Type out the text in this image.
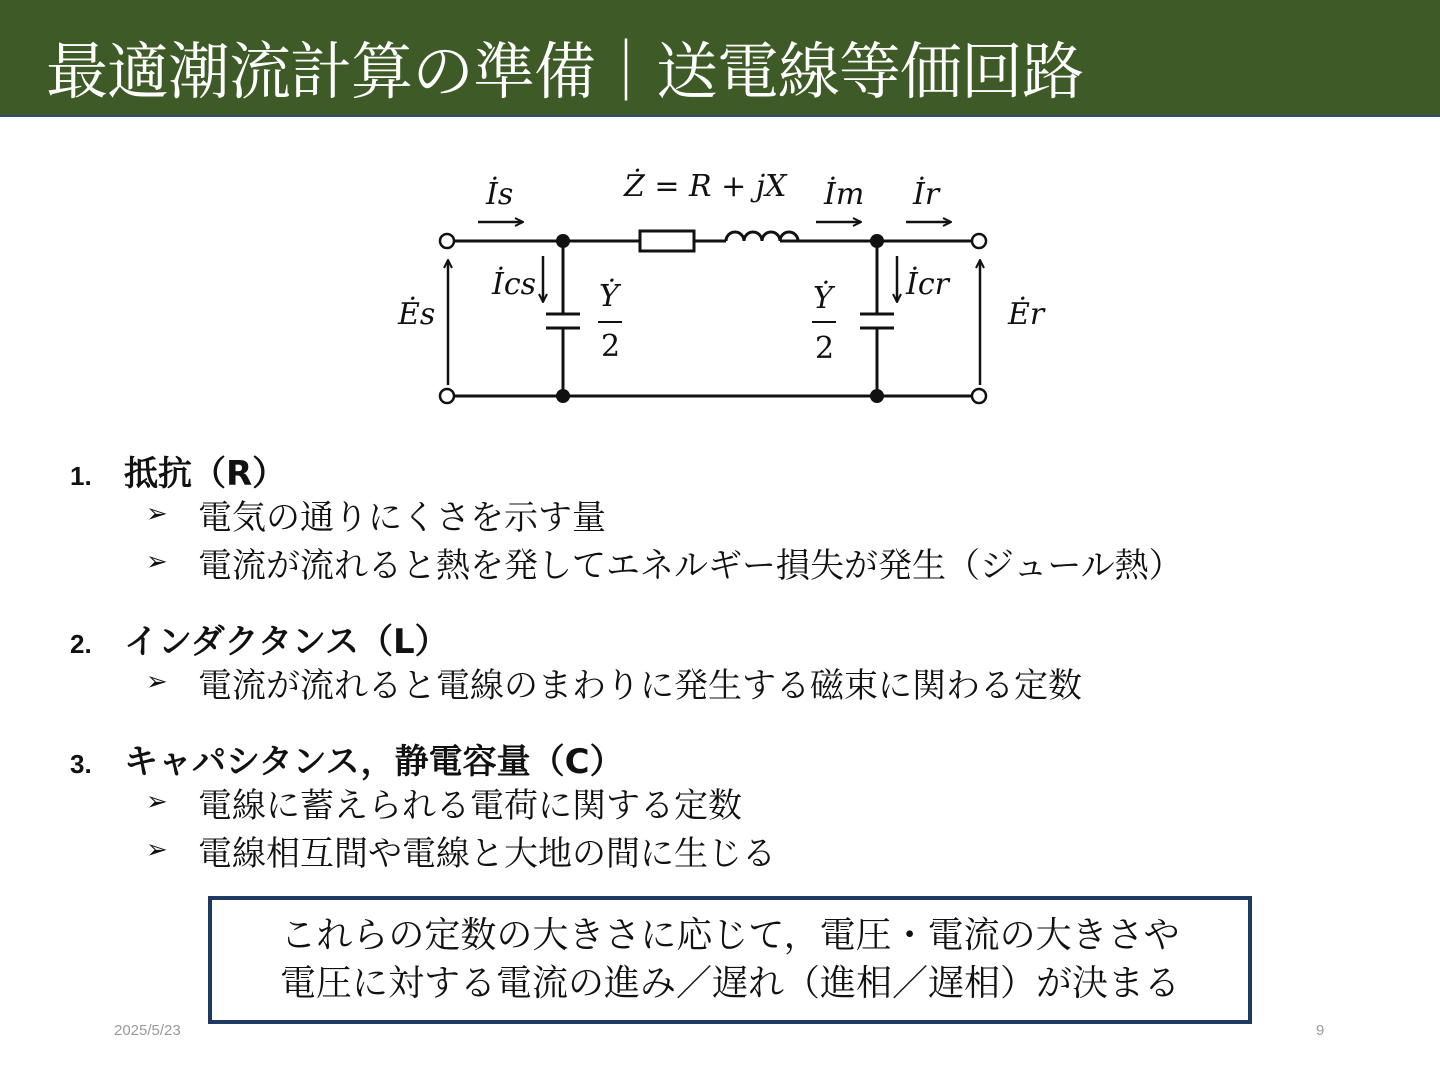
最適潮流計算の準備｜送電線等価回路
Ż = R + jX
İs	İm İr
İcs	İcr
Ės	Ėr
Ẏ
2
Ẏ
2
1. 抵抗（R）
➢ 電気の通りにくさを示す量
➢ 電流が流れると熱を発してエネルギー損失が発生（ジュール熱）
2. インダクタンス（L）
➢ 電流が流れると電線のまわりに発生する磁束に関わる定数
3. キャパシタンス，静電容量（C）
➢ 電線に蓄えられる電荷に関する定数
➢ 電線相互間や電線と大地の間に生じる
これらの定数の大きさに応じて，電圧・電流の大きさや
電圧に対する電流の進み／遅れ（進相／遅相）が決まる
2025/5/23	9
